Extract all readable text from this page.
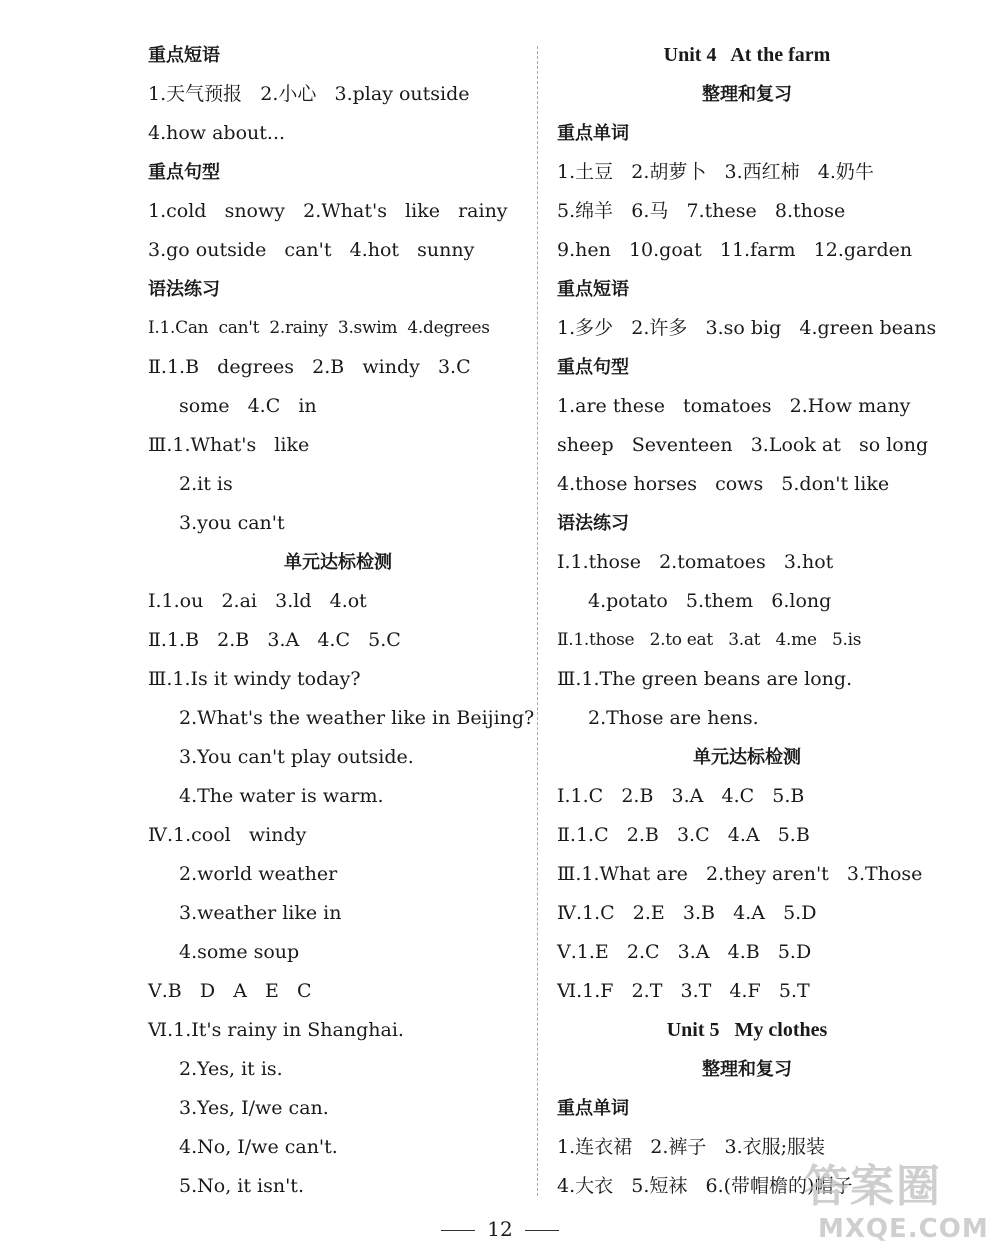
重点短语
1.天气预报   2.小心   3.play outside
4.how about...
重点句型
1.cold   snowy   2.What's   like   rainy
3.go outside   can't   4.hot   sunny
语法练习
Ⅰ.1.Can  can't  2.rainy  3.swim  4.degrees
Ⅱ.1.B   degrees   2.B   windy   3.C
some   4.C   in
Ⅲ.1.What's   like
2.it is
3.you can't
单元达标检测
Ⅰ.1.ou   2.ai   3.ld   4.ot
Ⅱ.1.B   2.B   3.A   4.C   5.C
Ⅲ.1.Is it windy today?
2.What's the weather like in Beijing?
3.You can't play outside.
4.The water is warm.
Ⅳ.1.cool   windy
2.world weather
3.weather like in
4.some soup
Ⅴ.B   D   A   E   C
Ⅵ.1.It's rainy in Shanghai.
2.Yes, it is.
3.Yes, I/we can.
4.No, I/we can't.
5.No, it isn't.
Unit 4   At the farm
整理和复习
重点单词
1.土豆   2.胡萝卜   3.西红柿   4.奶牛
5.绵羊   6.马   7.these   8.those
9.hen   10.goat   11.farm   12.garden
重点短语
1.多少   2.许多   3.so big   4.green beans
重点句型
1.are these   tomatoes   2.How many
sheep   Seventeen   3.Look at   so long
4.those horses   cows   5.don't like
语法练习
Ⅰ.1.those   2.tomatoes   3.hot
4.potato   5.them   6.long
Ⅱ.1.those   2.to eat   3.at   4.me   5.is
Ⅲ.1.The green beans are long.
2.Those are hens.
单元达标检测
Ⅰ.1.C   2.B   3.A   4.C   5.B
Ⅱ.1.C   2.B   3.C   4.A   5.B
Ⅲ.1.What are   2.they aren't   3.Those
Ⅳ.1.C   2.E   3.B   4.A   5.D
Ⅴ.1.E   2.C   3.A   4.B   5.D
Ⅵ.1.F   2.T   3.T   4.F   5.T
Unit 5   My clothes
整理和复习
重点单词
1.连衣裙   2.裤子   3.衣服;服装
4.大衣   5.短袜   6.(带帽檐的)帽子
12
答案圈
MXQE.COM
